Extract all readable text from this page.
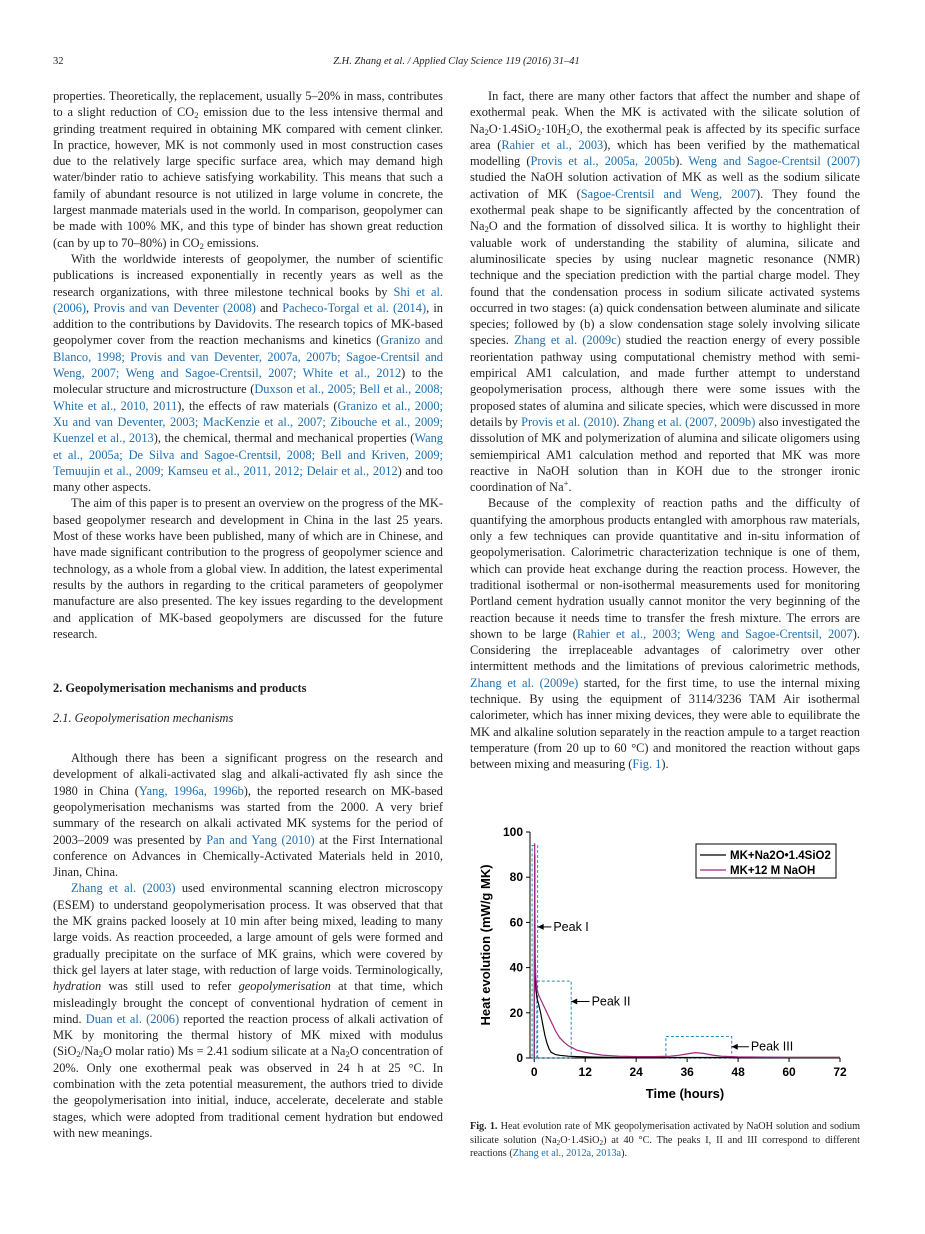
32	Z.H. Zhang et al. / Applied Clay Science 119 (2016) 31–41

properties. Theoretically, the replacement, usually 5–20% in mass, contributes to a slight reduction of $CO_2$ emission due to the less intensive thermal and grinding treatment required in obtaining MK compared with cement clinker. In practice, however, MK is not commonly used in most construction cases due to the relatively large specific surface area, which may demand high water/binder ratio to achieve satisfying workability. This means that such a family of abundant resource is not utilized in large volume in concrete, the largest manmade materials used in the world. In comparison, geopolymer can be made with 100% MK, and this type of binder has shown great reduction (can by up to 70–80%) in $CO_2$ emissions.

With the worldwide interests of geopolymer, the number of scientific publications is increased exponentially in recently years as well as the research organizations, with three milestone technical books by Shi et al. (2006), Provis and van Deventer (2008) and Pacheco-Torgal et al. (2014), in addition to the contributions by Davidovits. The research topics of MK-based geopolymer cover from the reaction mechanisms and kinetics (Granizo and Blanco, 1998; Provis and van Deventer, 2007a, 2007b; Sagoe-Crentsil and Weng, 2007; Weng and Sagoe-Crentsil, 2007; White et al., 2012) to the molecular structure and microstructure (Duxson et al., 2005; Bell et al., 2008; White et al., 2010, 2011), the effects of raw materials (Granizo et al., 2000; Xu and van Deventer, 2003; MacKenzie et al., 2007; Zibouche et al., 2009; Kuenzel et al., 2013), the chemical, thermal and mechanical properties (Wang et al., 2005a; De Silva and Sagoe-Crentsil, 2008; Bell and Kriven, 2009; Temuujin et al., 2009; Kamseu et al., 2011, 2012; Delair et al., 2012) and too many other aspects.

The aim of this paper is to present an overview on the progress of the MK-based geopolymer research and development in China in the last 25 years. Most of these works have been published, many of which are in Chinese, and have made significant contribution to the progress of geopolymer science and technology, as a whole from a global view. In addition, the latest experimental results by the authors in regarding to the critical parameters of geopolymer manufacture are also presented. The key issues regarding to the development and application of MK-based geopolymers are discussed for the future research.

2. Geopolymerisation mechanisms and products
2.1. Geopolymerisation mechanisms

Although there has been a significant progress on the research and development of alkali-activated slag and alkali-activated fly ash since the 1980 in China (Yang, 1996a, 1996b), the reported research on MK-based geopolymerisation mechanisms was started from the 2000. A very brief summary of the research on alkali activated MK systems for the period of 2003–2009 was presented by Pan and Yang (2010) at the First International conference on Advances in Chemically-Activated Materials held in 2010, Jinan, China.

Zhang et al. (2003) used environmental scanning electron microscopy (ESEM) to understand geopolymerisation process. It was observed that that the MK grains packed loosely at 10 min after being mixed, leading to many large voids. As reaction proceeded, a large amount of gels were formed and gradually precipitate on the surface of MK grains, which were covered by thick gel layers at later stage, with reduction of large voids. Terminologically, hydration was still used to refer geopolymerisation at that time, which misleadingly brought the concept of conventional hydration of cement in mind. Duan et al. (2006) reported the reaction process of alkali activation of MK by monitoring the thermal history of MK mixed with modulus ($SiO_2/Na_2O$ molar ratio) Ms = 2.41 sodium silicate at a $Na_2O$ concentration of 20%. Only one exothermal peak was observed in 24 h at 25 °C. In combination with the zeta potential measurement, the authors tried to divide the geopolymerisation into initial, induce, accelerate, decelerate and stable stages, which were adopted from traditional cement hydration but endowed with new meanings.

In fact, there are many other factors that affect the number and shape of exothermal peak. When the MK is activated with the silicate solution of $Na_2O\cdot 1.4SiO_2\cdot 10H_2O$, the exothermal peak is affected by its specific surface area (Rahier et al., 2003), which has been verified by the mathematical modelling (Provis et al., 2005a, 2005b). Weng and Sagoe-Crentsil (2007) studied the NaOH solution activation of MK as well as the sodium silicate activation of MK (Sagoe-Crentsil and Weng, 2007). They found the exothermal peak shape to be significantly affected by the concentration of $Na_2O$ and the formation of dissolved silica. It is worthy to highlight their valuable work of understanding the stability of alumina, silicate and aluminosilicate species by using nuclear magnetic resonance (NMR) technique and the speciation prediction with the partial charge model. They found that the condensation process in sodium silicate activated systems occurred in two stages: (a) quick condensation between aluminate and silicate species; followed by (b) a slow condensation stage solely involving silicate species. Zhang et al. (2009c) studied the reaction energy of every possible reorientation pathway using computational chemistry method with semi-empirical AM1 calculation, and made further attempt to understand geopolymerisation process, although there were some issues with the proposed states of alumina and silicate species, which were discussed in more details by Provis et al. (2010). Zhang et al. (2007, 2009b) also investigated the dissolution of MK and polymerization of alumina and silicate oligomers using semiempirical AM1 calculation method and reported that MK was more reactive in NaOH solution than in KOH due to the stronger ironic coordination of Na+.

Because of the complexity of reaction paths and the difficulty of quantifying the amorphous products entangled with amorphous raw materials, only a few techniques can provide quantitative and in-situ information of geopolymerisation. Calorimetric characterization technique is one of them, which can provide heat exchange during the reaction process. However, the traditional isothermal or non-isothermal measurements used for monitoring Portland cement hydration usually cannot monitor the very beginning of the reaction because it needs time to transfer the fresh mixture. The errors are shown to be large (Rahier et al., 2003; Weng and Sagoe-Crentsil, 2007). Considering the irreplaceable advantages of calorimetry over other intermittent methods and the limitations of previous calorimetric methods, Zhang et al. (2009e) started, for the first time, to use the internal mixing technique. By using the equipment of 3114/3236 TAM Air isothermal calorimeter, which has inner mixing devices, they were able to equilibrate the MK and alkaline solution separately in the reaction ampule to a target reaction temperature (from 20 up to 60 °C) and monitored the reaction without gaps between mixing and measuring (Fig. 1).

0	12	24	36	48	60	72
0
20
40
60
80
100
Time (hours)
Heat evolution (mW/g MK)	Peak I
Peak II
Peak III
MK+Na2O•1.4SiO2
MK+12 M NaOH
Fig. 1. Heat evolution rate of MK geopolymerisation activated by NaOH solution and sodium silicate solution $(Na_2O\cdot 1.4SiO_2)$ at 40 °C. The peaks I, II and III correspond to different reactions (Zhang et al., 2012a, 2013a).
